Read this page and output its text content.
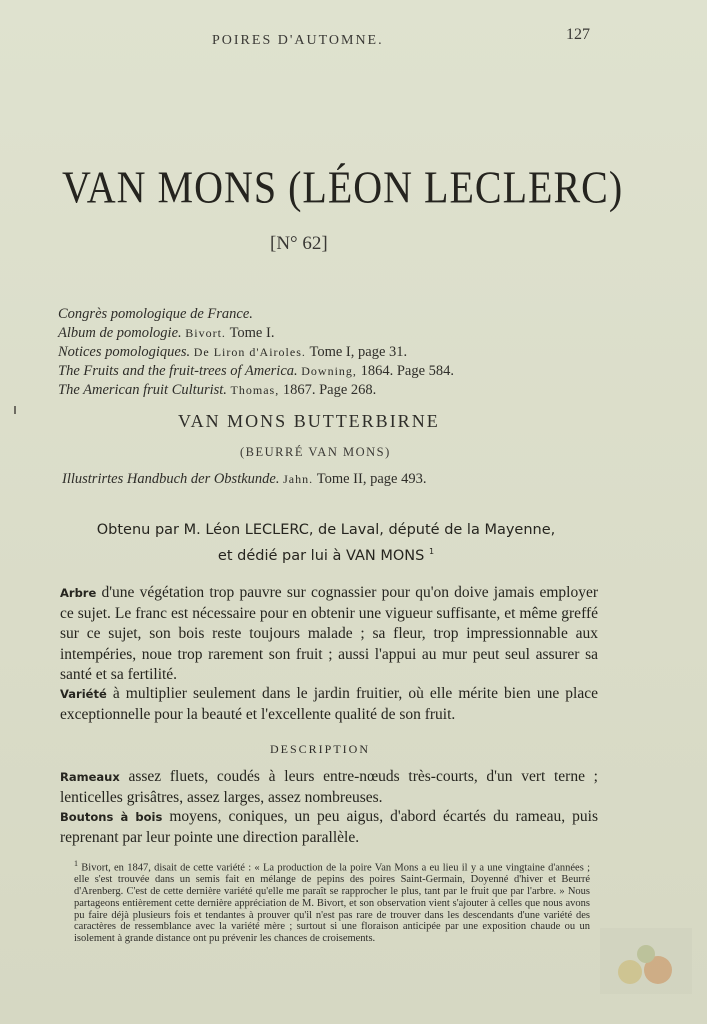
POIRES D'AUTOMNE.	127
VAN MONS (LÉON LECLERC)
[N° 62]
Congrès pomologique de France.
Album de pomologie. Bivort. Tome I.
Notices pomologiques. De Liron d'Airoles. Tome I, page 31.
The Fruits and the fruit-trees of America. Downing, 1864. Page 584.
The American fruit Culturist. Thomas, 1867. Page 268.
VAN MONS BUTTERBIRNE
(BEURRÉ VAN MONS)
Illustrirtes Handbuch der Obstkunde. Jahn. Tome II, page 493.
Obtenu par M. Léon LECLERC, de Laval, député de la Mayenne,
et dédié par lui à VAN MONS $^1$
Arbre d'une végétation trop pauvre sur cognassier pour qu'on doive jamais employer ce sujet. Le franc est nécessaire pour en obtenir une vigueur suffisante, et même greffé sur ce sujet, son bois reste toujours malade ; sa fleur, trop impressionnable aux intempéries, noue trop rarement son fruit ; aussi l'appui au mur peut seul assurer sa santé et sa fertilité.
Variété à multiplier seulement dans le jardin fruitier, où elle mérite bien une place exceptionnelle pour la beauté et l'excellente qualité de son fruit.
DESCRIPTION
Rameaux assez fluets, coudés à leurs entre-nœuds très-courts, d'un vert terne ; lenticelles grisâtres, assez larges, assez nombreuses.
Boutons à bois moyens, coniques, un peu aigus, d'abord écartés du rameau, puis reprenant par leur pointe une direction parallèle.
$^1$ Bivort, en 1847, disait de cette variété : « La production de la poire Van Mons a eu lieu il y a une vingtaine d'années ; elle s'est trouvée dans un semis fait en mélange de pepins des poires Saint-Germain, Doyenné d'hiver et Beurré d'Arenberg. C'est de cette dernière variété qu'elle me paraît se rapprocher le plus, tant par le fruit que par l'arbre. » Nous partageons entièrement cette dernière appréciation de M. Bivort, et son observation vient s'ajouter à celles que nous avons pu faire déjà plusieurs fois et tendantes à prouver qu'il n'est pas rare de trouver dans les descendants d'une variété des caractères de ressemblance avec la variété mère ; surtout si une floraison anticipée par une exposition chaude ou un isolement à grande distance ont pu prévenir les chances de croisements.
